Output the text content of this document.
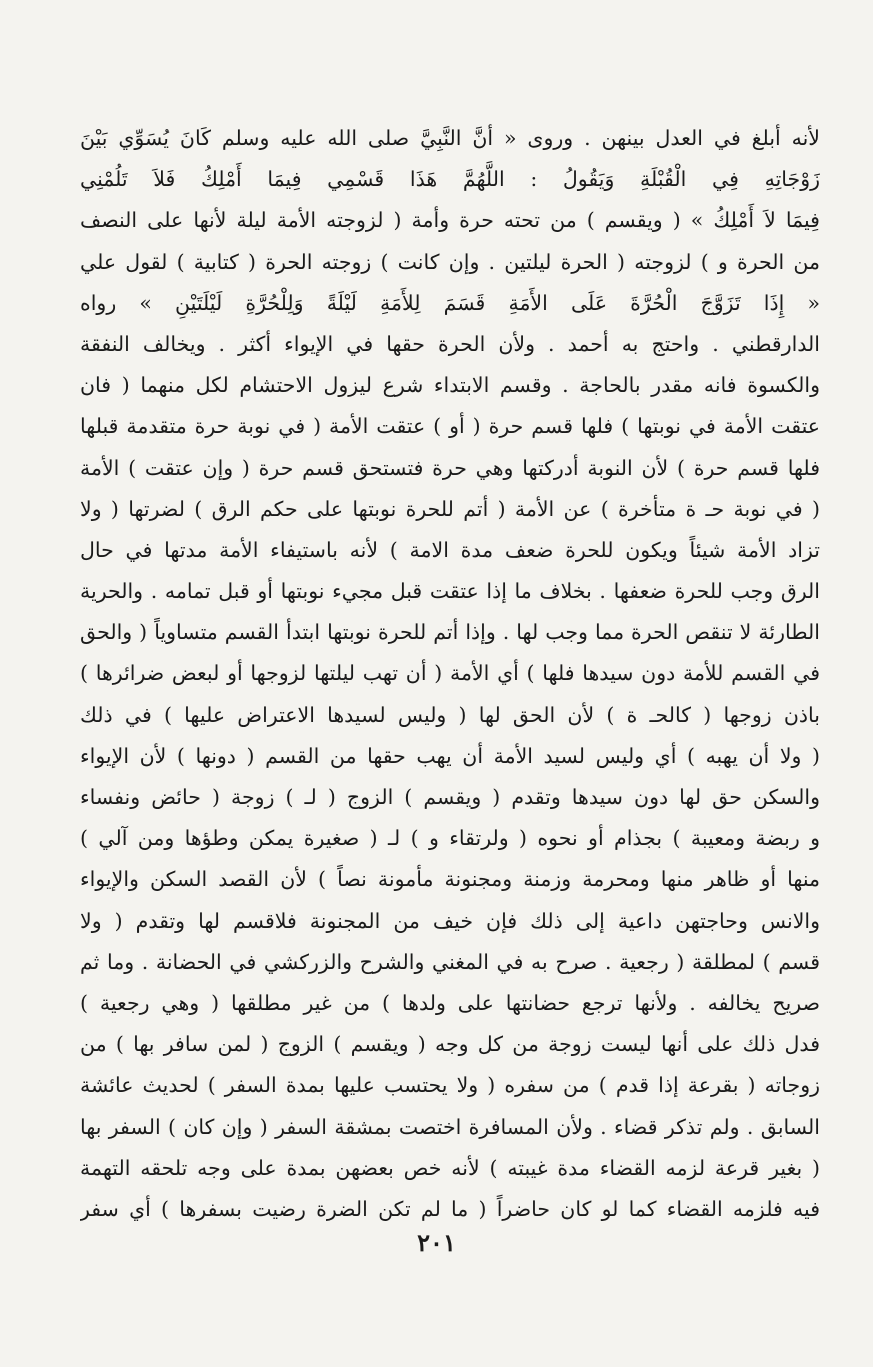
لأنه أبلغ في العدل بينهن . وروى « أنَّ النَّبِيَّ صلى الله عليه وسلم كَانَ يُسَوِّي بَيْنَ
زَوْجَاتِهِ فِي الْقُبْلَةِ وَيَقُولُ : اللَّهُمَّ هَذَا قَسْمِي فِيمَا أَمْلِكُ فَلاَ تَلُمْنِي
فِيمَا لاَ أَمْلِكُ » ( ويقسم ) من تحته حرة وأمة ( لزوجته الأمة ليلة لأنها على النصف
من الحرة و ) لزوجته ( الحرة ليلتين . وإن كانت ) زوجته الحرة ( كتابية ) لقول علي
« إِذَا تَزَوَّجَ الْحُرَّةَ عَلَى الأَمَةِ قَسَمَ لِلأَمَةِ لَيْلَةً وَلِلْحُرَّةِ لَيْلَتَيْنِ » رواه
الدارقطني . واحتج به أحمد . ولأن الحرة حقها في الإيواء أكثر . ويخالف النفقة
والكسوة فانه مقدر بالحاجة . وقسم الابتداء شرع ليزول الاحتشام لكل منهما ( فان
عتقت الأمة في نوبتها ) فلها قسم حرة ( أو ) عتقت الأمة ( في نوبة حرة متقدمة قبلها
فلها قسم حرة ) لأن النوبة أدركتها وهي حرة فتستحق قسم حرة ( وإن عتقت ) الأمة
( في نوبة حـ ة متأخرة ) عن الأمة ( أتم للحرة نوبتها على حكم الرق ) لضرتها ( ولا
تزاد الأمة شيئاً ويكون للحرة ضعف مدة الامة ) لأنه باستيفاء الأمة مدتها في حال
الرق وجب للحرة ضعفها . بخلاف ما إذا عتقت قبل مجيء نوبتها أو قبل تمامه . والحرية
الطارئة لا تنقص الحرة مما وجب لها . وإذا أتم للحرة نوبتها ابتدأ القسم متساوياً ( والحق
في القسم للأمة دون سيدها فلها ) أي الأمة ( أن تهب ليلتها لزوجها أو لبعض ضرائرها )
باذن زوجها ( كالحـ ة ) لأن الحق لها ( وليس لسيدها الاعتراض عليها ) في ذلك
( ولا أن يهبه ) أي وليس لسيد الأمة أن يهب حقها من القسم ( دونها ) لأن الإيواء
والسكن حق لها دون سيدها وتقدم ( ويقسم ) الزوج ( لـ ) زوجة ( حائض ونفساء
و ربضة ومعيبة ) بجذام أو نحوه ( ولرتقاء و ) لـ ( صغيرة يمكن وطؤها ومن آلي )
منها أو ظاهر منها ومحرمة وزمنة ومجنونة مأمونة نصاً ) لأن القصد السكن والإيواء
والانس وحاجتهن داعية إلى ذلك فإن خيف من المجنونة فلاقسم لها وتقدم ( ولا
قسم ) لمطلقة ( رجعية . صرح به في المغني والشرح والزركشي في الحضانة . وما ثم
صريح يخالفه . ولأنها ترجع حضانتها على ولدها ) من غير مطلقها ( وهي رجعية )
فدل ذلك على أنها ليست زوجة من كل وجه ( ويقسم ) الزوج ( لمن سافر بها ) من
زوجاته ( بقرعة إذا قدم ) من سفره ( ولا يحتسب عليها بمدة السفر ) لحديث عائشة
السابق . ولم تذكر قضاء . ولأن المسافرة اختصت بمشقة السفر ( وإن كان ) السفر بها
( بغير قرعة لزمه القضاء مدة غيبته ) لأنه خص بعضهن بمدة على وجه تلحقه التهمة
فيه فلزمه القضاء كما لو كان حاضراً ( ما لم تكن الضرة رضيت بسفرها ) أي سفر
٢٠١
